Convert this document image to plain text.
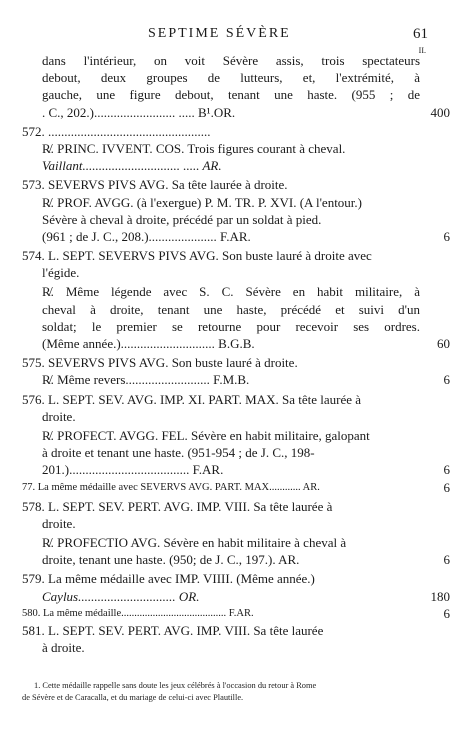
SEPTIME SÉVÈRE	61
II.
dans l'intérieur, on voit Sévère assis, trois spectateurs
debout, deux groupes de lutteurs, et, l'extrémité, à
gauche, une figure debout, tenant une haste. (955 ; de
. C., 202.)......................... ..... B¹.OR.	400
572. ..................................................
R̸. PRINC. IVVENT. COS. Trois figures courant à cheval.
Vaillant.............................. ..... AR.
573. SEVERVS PIVS AVG. Sa tête laurée à droite.
R̸. PROF. AVGG. (à l'exergue) P. M. TR. P. XVI. (A l'entour.)
Sévère à cheval à droite, précédé par un soldat à pied.
(961 ; de J. C., 208.)..................... F.AR.	6
574. L. SEPT. SEVERVS PIVS AVG. Son buste lauré à droite avec
l'égide.
R̸. Même légende avec S. C. Sévère en habit militaire, à
cheval à droite, tenant une haste, précédé et suivi d'un
soldat; le premier se retourne pour recevoir ses ordres.
(Même année.)............................. B.G.B.	60
575. SEVERVS PIVS AVG. Son buste lauré à droite.
R̸. Même revers.......................... F.M.B.	6
576. L. SEPT. SEV. AVG. IMP. XI. PART. MAX. Sa tête laurée à
droite.
R̸. PROFECT. AVGG. FEL. Sévère en habit militaire, galopant
à droite et tenant une haste. (951-954 ; de J. C., 198-
201.)..................................... F.AR.	6
77. La même médaille avec SEVERVS AVG. PART. MAX............ AR.	6
578. L. SEPT. SEV. PERT. AVG. IMP. VIII. Sa tête laurée à
droite.
R̸. PROFECTIO AVG. Sévère en habit militaire à cheval à
droite, tenant une haste. (950; de J. C., 197.). AR.	6
579. La même médaille avec IMP. VIIII. (Même année.)
Caylus.............................. OR.	180
580. La même médaille........................................ F.AR.	6
581. L. SEPT. SEV. PERT. AVG. IMP. VIII. Sa tête laurée
à droite.
1. Cette médaille rappelle sans doute les jeux célébrés à l'occasion du retour à Rome
de Sévère et de Caracalla, et du mariage de celui-ci avec Plautille.
